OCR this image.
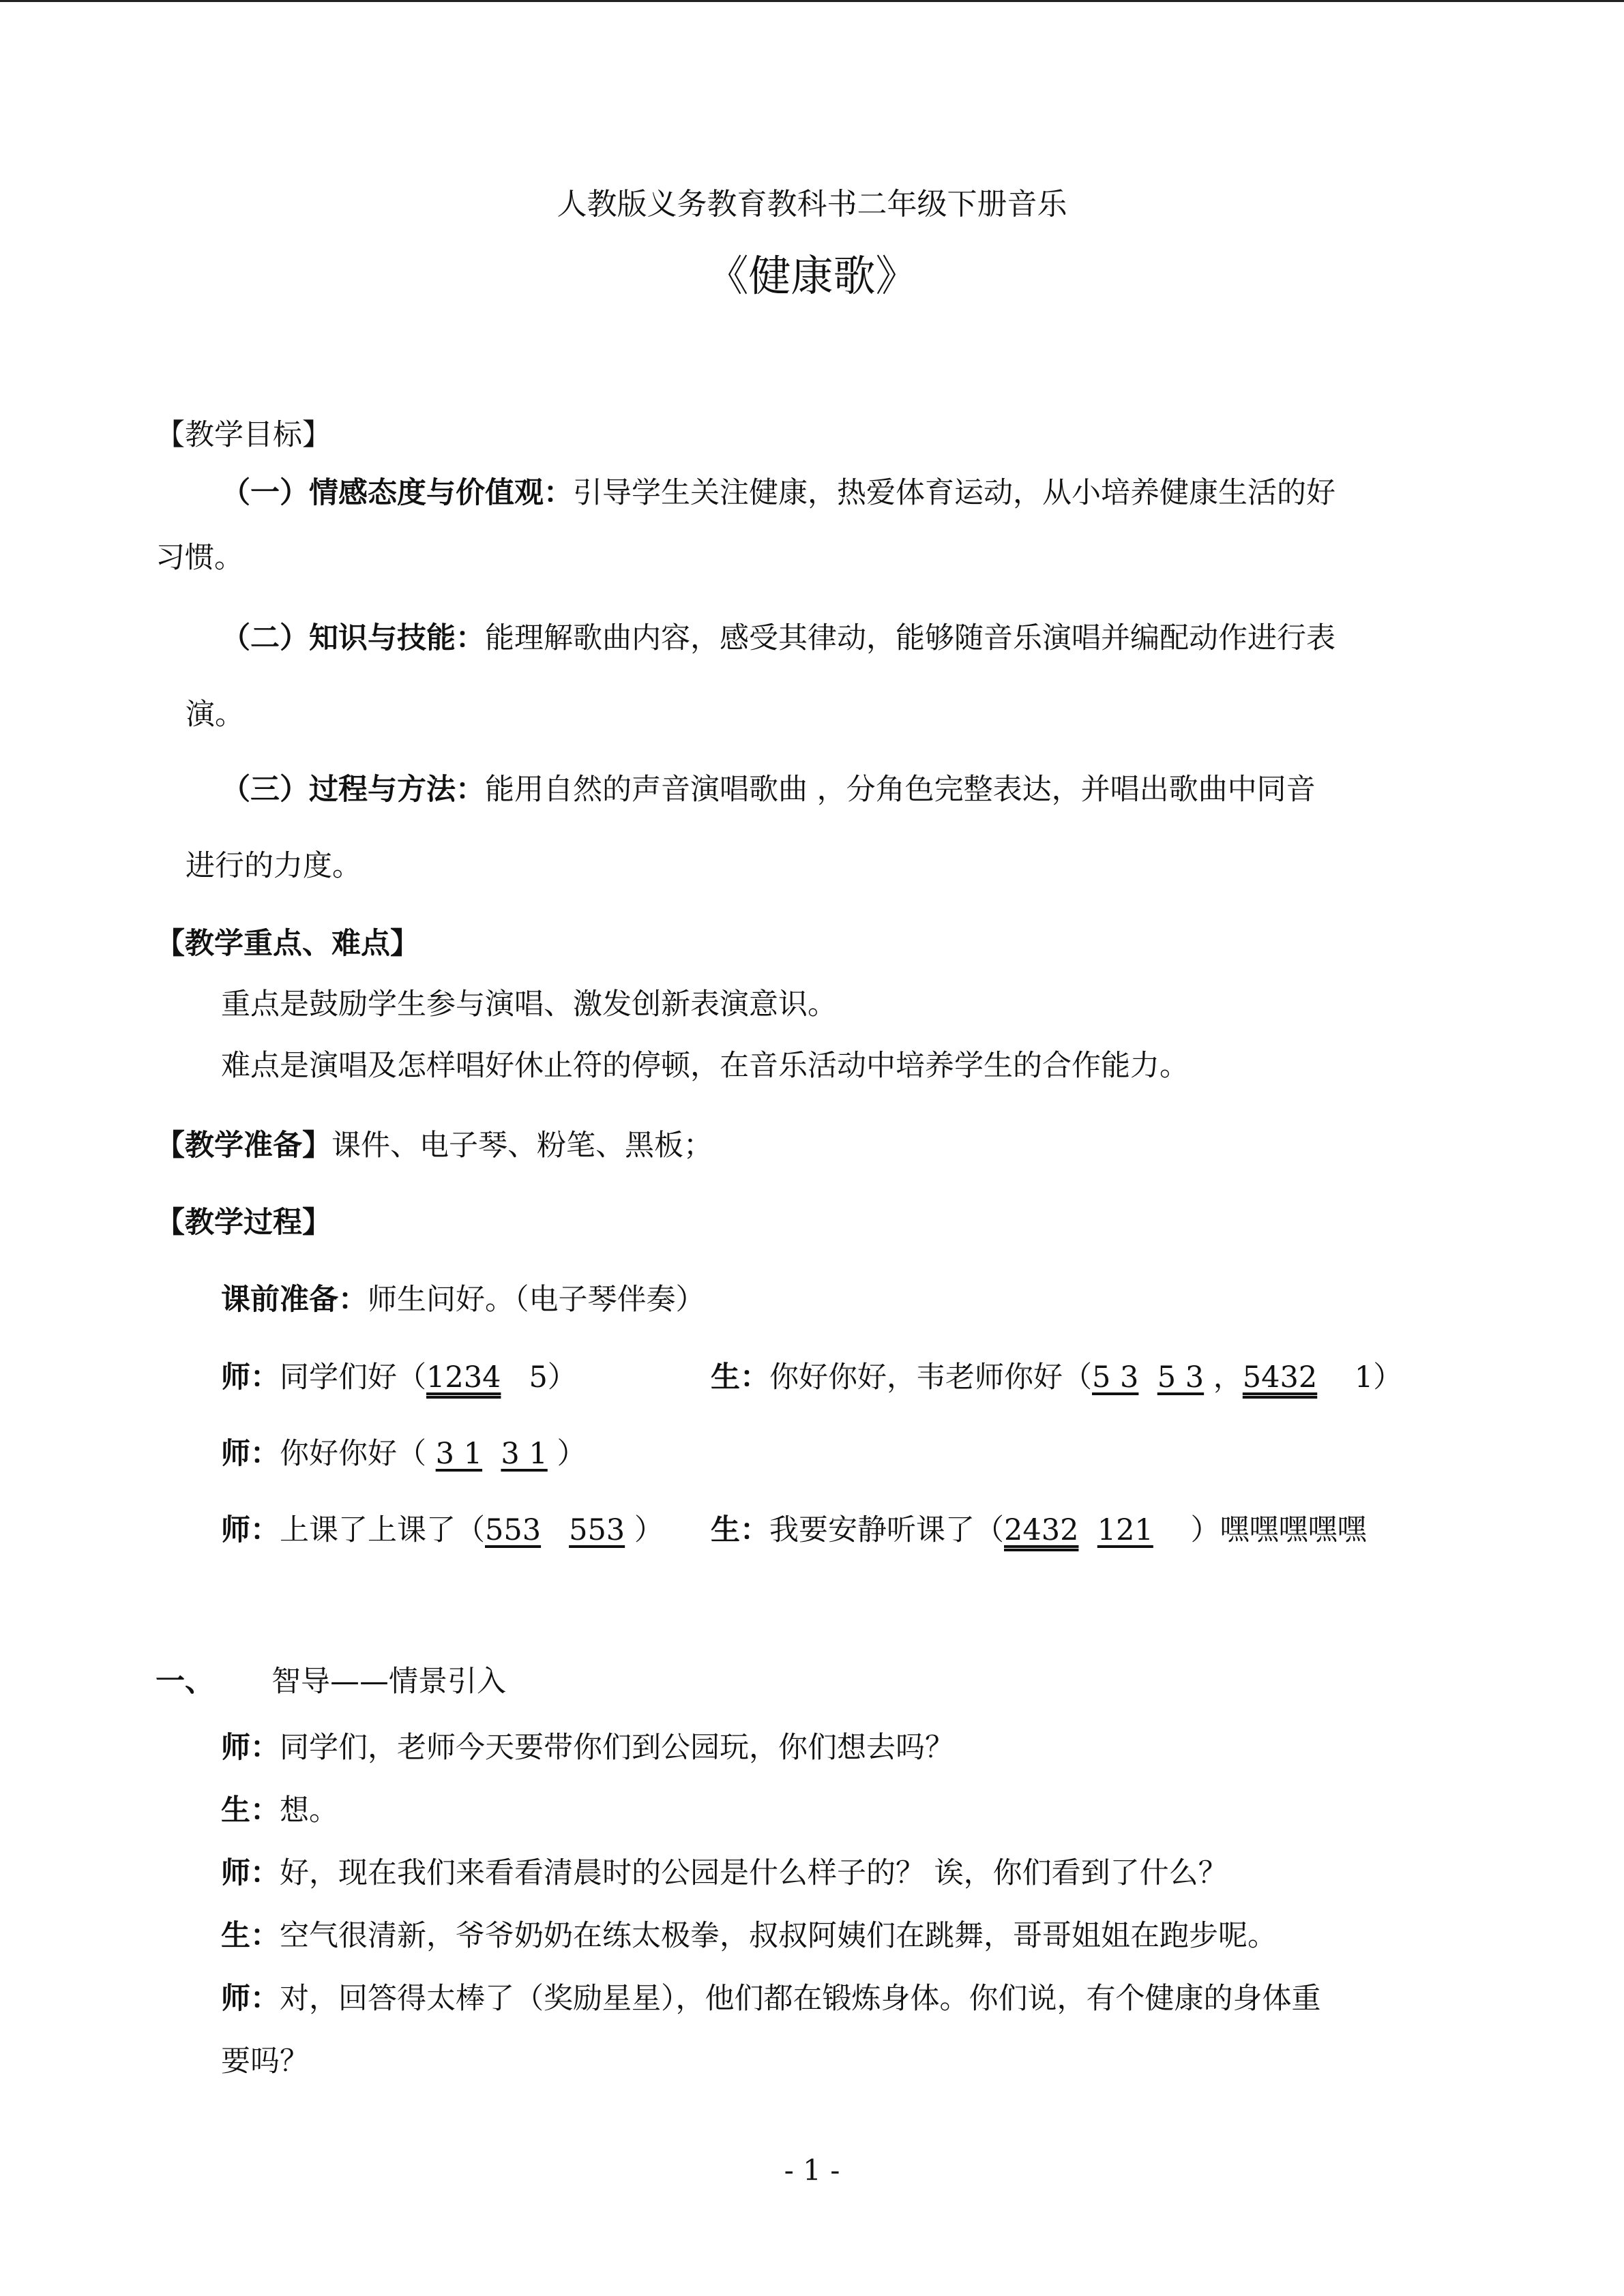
人教版义务教育教科书二年级下册音乐
《健康歌》
【教学目标】
（一）情感态度与价值观：引导学生关注健康，热爱体育运动，从小培养健康生活的好
习惯。
（二）知识与技能：能理解歌曲内容，感受其律动，能够随音乐演唱并编配动作进行表
演。
（三）过程与方法：能用自然的声音演唱歌曲 ，分角色完整表达，并唱出歌曲中同音
进行的力度。
【教学重点、难点】
重点是鼓励学生参与演唱、激发创新表演意识。
难点是演唱及怎样唱好休止符的停顿，在音乐活动中培养学生的合作能力。
【教学准备】课件、电子琴、粉笔、黑板；
【教学过程】
课前准备：师生问好。（电子琴伴奏）
师：同学们好（1234 5）	生：你好你好，韦老师你好（5 3 5 3 ，5432 1）
师：你好你好（ 3 1 3 1 ）
师：上课了上课了（553 553 ） 生：我要安静听课了（2432 121 ）嘿嘿嘿嘿嘿
一、 智导——情景引入
师：同学们，老师今天要带你们到公园玩，你们想去吗？
生：想。
师：好，现在我们来看看清晨时的公园是什么样子的？ 诶，你们看到了什么？
生：空气很清新，爷爷奶奶在练太极拳，叔叔阿姨们在跳舞，哥哥姐姐在跑步呢。
师：对，回答得太棒了（奖励星星），他们都在锻炼身体。你们说，有个健康的身体重
要吗？
- 1 -
